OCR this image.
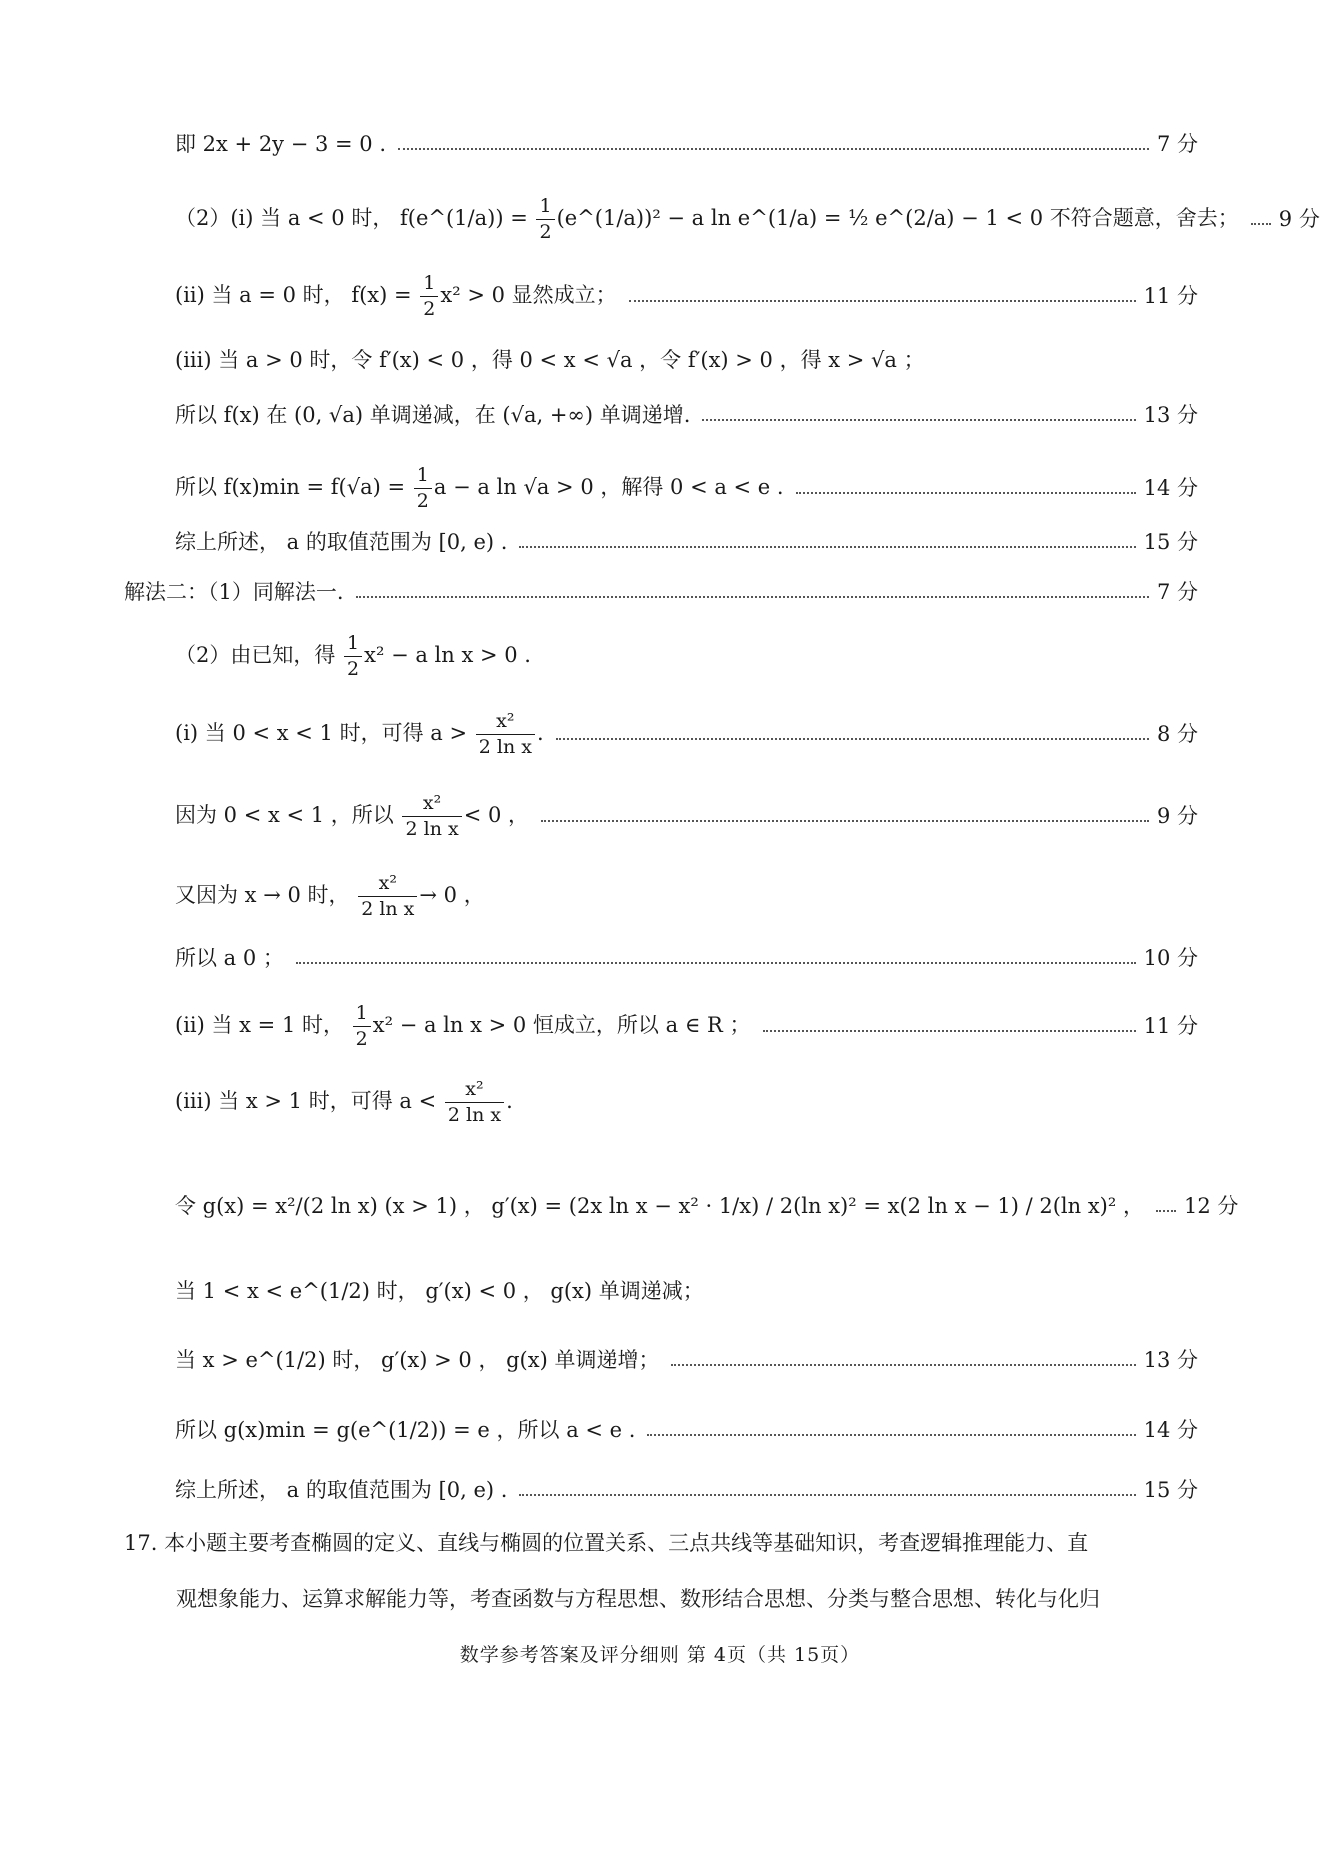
即 2x + 2y − 3 = 0 .	7 分
（2）(i) 当 a < 0 时， f(e^(1/a)) = $\frac{1}{2}$ (e^(1/a))² − a ln e^(1/a) = ½ e^(2/a) − 1 < 0 不符合题意，舍去； 9 分
(ii) 当 a = 0 时， $f(x) = \frac{1}{2} x^2 > 0$ 显然成立；	11 分
(iii) 当 a > 0 时，令 f′(x) < 0 ，得 0 < x < √a ，令 f′(x) > 0 ，得 x > √a ；
所以 f(x) 在 (0, √a) 单调递减，在 (√a, +∞) 单调递增.	13 分
所以 $f(x)\min = f(√a) = \frac{1}{2}$ a − a ln √a > 0 ，解得 0 < a < e .	14 分
综上所述， a 的取值范围为 [0, e) .	15 分
解法二：（1）同解法一.	7 分
（2）由已知，得 $\frac{1}{2} x^2 - a$ ln x > 0 .
(i) 当 0 < x < 1 时，可得 $a > \frac{\text{x²}}{\text{2 ln x}}$ .	8 分
因为 0 < x < 1 ，所以 $\frac{\text{x²}}{\text{2 ln x}} < 0$ ，	9 分
又因为 x → 0 时， $\frac{\text{x²}}{\text{2 ln x}} \to 0$ ，
所以 a 0 ；	10 分
(ii) 当 x = 1 时， $\frac{1}{2} x^2 - a$ ln x > 0 恒成立，所以 a ∈ R ；	11 分
(iii) 当 x > 1 时，可得 $a < \frac{\text{x²}}{\text{2 ln x}}$ .
令 g(x) = x²/(2 ln x) (x > 1) ， g′(x) = (2x ln x − x² · 1/x) / 2(ln x)² = x(2 ln x − 1) / 2(ln x)² ， 12 分
当 1 < x < e^(1/2) 时， g′(x) < 0 ， g(x) 单调递减；
当 x > e^(1/2) 时， g′(x) > 0 ， g(x) 单调递增；	13 分
所以 g(x)min = g(e^(1/2)) = e ，所以 a < e .	14 分
综上所述， a 的取值范围为 [0, e) .	15 分
17. 本小题主要考查椭圆的定义、直线与椭圆的位置关系、三点共线等基础知识，考查逻辑推理能力、直
观想象能力、运算求解能力等，考查函数与方程思想、数形结合思想、分类与整合思想、转化与化归
数学参考答案及评分细则 第 4页（共 15页）
